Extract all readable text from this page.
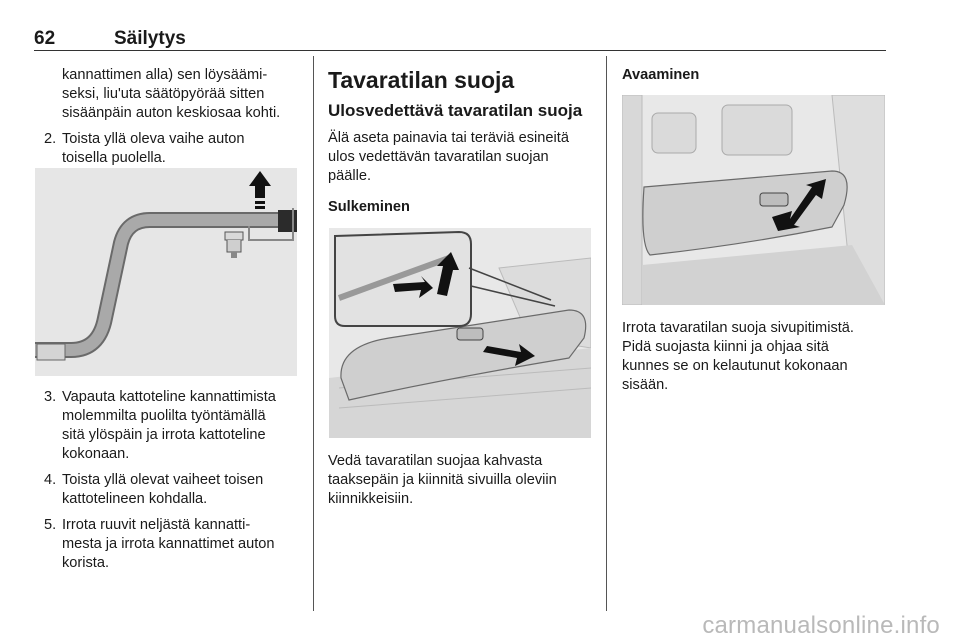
62	Säilytys
kannattimen alla) sen löysäämi-
seksi, liu'uta säätöpyörää sitten
sisäänpäin auton keskiosaa kohti.
2. Toista yllä oleva vaihe auton
toisella puolella.
3. Vapauta kattoteline kannattimista
molemmilta puolilta työntämällä
sitä ylöspäin ja irrota kattoteline
kokonaan.
4. Toista yllä olevat vaiheet toisen
kattotelineen kohdalla.
5. Irrota ruuvit neljästä kannatti-
mesta ja irrota kannattimet auton
korista.
Tavaratilan suoja
Ulosvedettävä tavaratilan suoja
Älä aseta painavia tai teräviä esineitä
ulos vedettävän tavaratilan suojan
päälle.
Sulkeminen
Vedä tavaratilan suojaa kahvasta
taaksepäin ja kiinnitä sivuilla oleviin
kiinnikkeisiin.
Avaaminen
Irrota tavaratilan suoja sivupitimistä.
Pidä suojasta kiinni ja ohjaa sitä
kunnes se on kelautunut kokonaan
sisään.
carmanualsonline.info
